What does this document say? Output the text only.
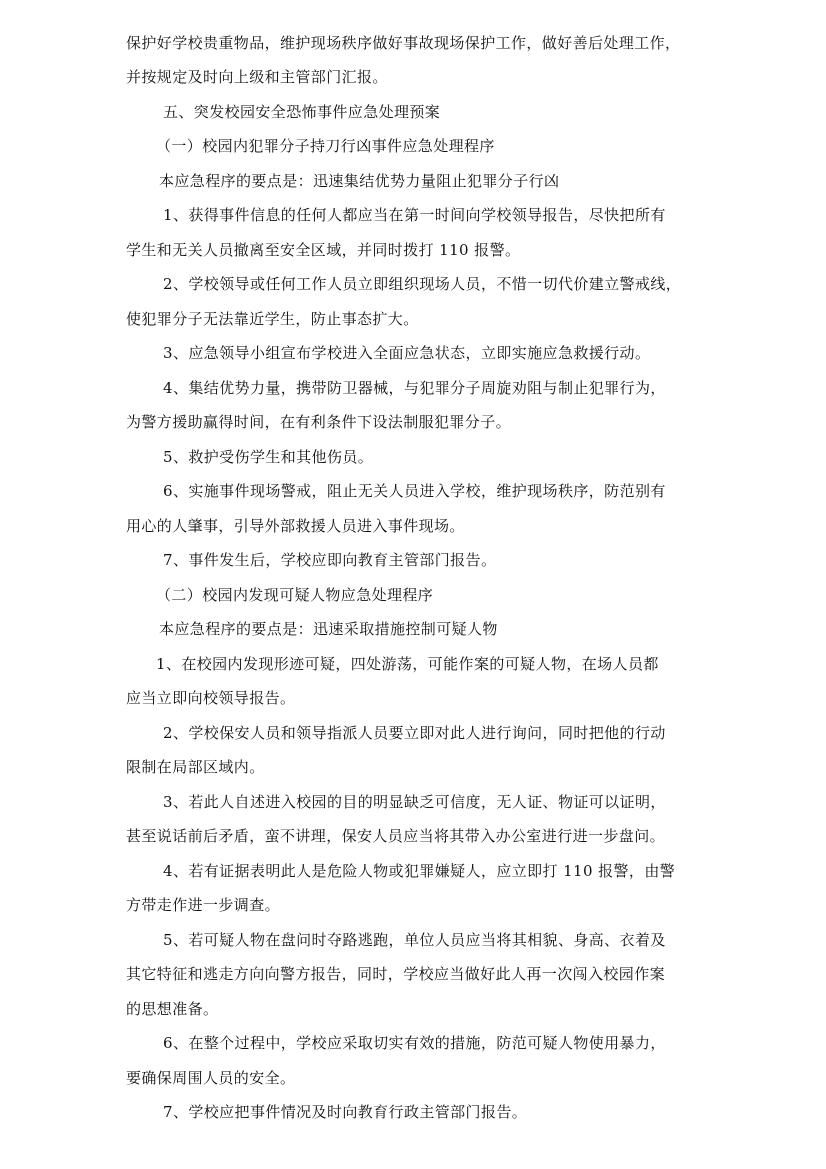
保护好学校贵重物品，维护现场秩序做好事故现场保护工作，做好善后处理工作，
并按规定及时向上级和主管部门汇报。
五、突发校园安全恐怖事件应急处理预案
（一）校园内犯罪分子持刀行凶事件应急处理程序
本应急程序的要点是：迅速集结优势力量阻止犯罪分子行凶
1、获得事件信息的任何人都应当在第一时间向学校领导报告，尽快把所有
学生和无关人员撤离至安全区域，并同时拨打 110 报警。
2、学校领导或任何工作人员立即组织现场人员，不惜一切代价建立警戒线，
使犯罪分子无法靠近学生，防止事态扩大。
3、应急领导小组宣布学校进入全面应急状态，立即实施应急救援行动。
4、集结优势力量，携带防卫器械，与犯罪分子周旋劝阻与制止犯罪行为，
为警方援助赢得时间，在有利条件下设法制服犯罪分子。
5、救护受伤学生和其他伤员。
6、实施事件现场警戒，阻止无关人员进入学校，维护现场秩序，防范别有
用心的人肇事，引导外部救援人员进入事件现场。
7、事件发生后，学校应即向教育主管部门报告。
（二）校园内发现可疑人物应急处理程序
本应急程序的要点是：迅速采取措施控制可疑人物
1、在校园内发现形迹可疑，四处游荡，可能作案的可疑人物，在场人员都
应当立即向校领导报告。
2、学校保安人员和领导指派人员要立即对此人进行询问，同时把他的行动
限制在局部区域内。
3、若此人自述进入校园的目的明显缺乏可信度，无人证、物证可以证明，
甚至说话前后矛盾，蛮不讲理，保安人员应当将其带入办公室进行进一步盘问。
4、若有证据表明此人是危险人物或犯罪嫌疑人，应立即打 110 报警，由警
方带走作进一步调查。
5、若可疑人物在盘问时夺路逃跑，单位人员应当将其相貌、身高、衣着及
其它特征和逃走方向向警方报告，同时，学校应当做好此人再一次闯入校园作案
的思想准备。
6、在整个过程中，学校应采取切实有效的措施，防范可疑人物使用暴力，
要确保周围人员的安全。
7、学校应把事件情况及时向教育行政主管部门报告。
